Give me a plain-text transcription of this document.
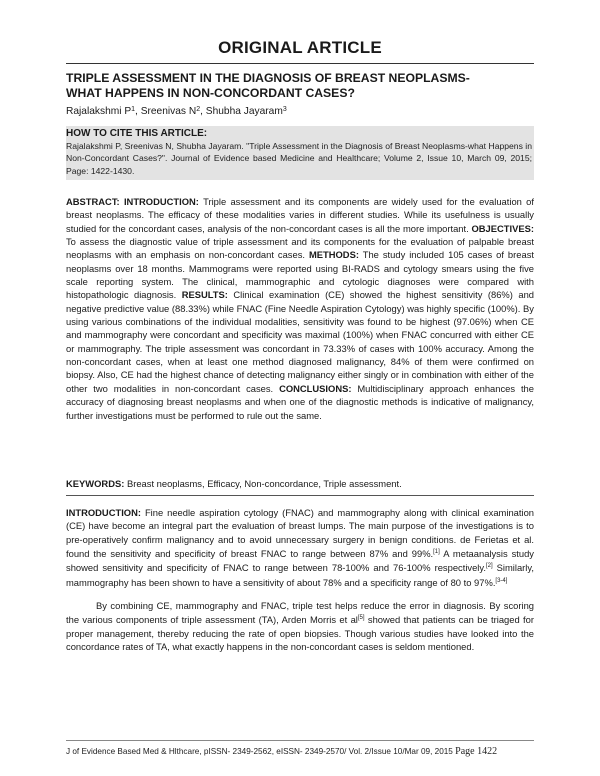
ORIGINAL ARTICLE
TRIPLE ASSESSMENT IN THE DIAGNOSIS OF BREAST NEOPLASMS-
WHAT HAPPENS IN NON-CONCORDANT CASES?
Rajalakshmi $P^1$, Sreenivas $N^2$, Shubha Jayaram$^3$
HOW TO CITE THIS ARTICLE:
Rajalakshmi P, Sreenivas N, Shubha Jayaram. "Triple Assessment in the Diagnosis of Breast Neoplasms-what Happens in Non-Concordant Cases?". Journal of Evidence based Medicine and Healthcare; Volume 2, Issue 10, March 09, 2015; Page: 1422-1430.
ABSTRACT: INTRODUCTION: Triple assessment and its components are widely used for the evaluation of breast neoplasms. The efficacy of these modalities varies in different studies. While its usefulness is usually studied for the concordant cases, analysis of the non-concordant cases is all the more important. OBJECTIVES: To assess the diagnostic value of triple assessment and its components for the evaluation of palpable breast neoplasms with an emphasis on non-concordant cases. METHODS: The study included 105 cases of breast neoplasms over 18 months. Mammograms were reported using BI-RADS and cytology smears using the five scale reporting system. The clinical, mammographic and cytologic diagnoses were compared with histopathologic diagnosis. RESULTS: Clinical examination (CE) showed the highest sensitivity (86%) and negative predictive value (88.33%) while FNAC (Fine Needle Aspiration Cytology) was highly specific (100%). By using various combinations of the individual modalities, sensitivity was found to be highest (97.06%) when CE and mammography were concordant and specificity was maximal (100%) when FNAC concurred with either CE or mammography. The triple assessment was concordant in 73.33% of cases with 100% accuracy. Among the non-concordant cases, when at least one method diagnosed malignancy, 84% of them were confirmed on biopsy. Also, CE had the highest chance of detecting malignancy either singly or in combination with either of the other two modalities in non-concordant cases. CONCLUSIONS: Multidisciplinary approach enhances the accuracy of diagnosing breast neoplasms and when one of the diagnostic methods is indicative of malignancy, further investigations must be performed to rule out the same.
KEYWORDS: Breast neoplasms, Efficacy, Non-concordance, Triple assessment.
INTRODUCTION: Fine needle aspiration cytology (FNAC) and mammography along with clinical examination (CE) have become an integral part the evaluation of breast lumps. The main purpose of the investigations is to pre-operatively confirm malignancy and to avoid unnecessary surgery in benign conditions. de Ferietas et al. found the sensitivity and specificity of breast FNAC to range between 87% and 99%.[1] A metaanalysis study showed sensitivity and specificity of FNAC to range between 78-100% and 76-100% respectively.[2] Similarly, mammography has been shown to have a sensitivity of about 78% and a specificity range of 80 to 97%.[3-4]
By combining CE, mammography and FNAC, triple test helps reduce the error in diagnosis. By scoring the various components of triple assessment (TA), Arden Morris et al[5] showed that patients can be triaged for proper management, thereby reducing the rate of open biopsies. Though various studies have looked into the concordance rates of TA, what exactly happens in the non-concordant cases is seldom mentioned.
J of Evidence Based Med & Hlthcare, pISSN- 2349-2562, eISSN- 2349-2570/ Vol. 2/Issue 10/Mar 09, 2015 Page 1422
